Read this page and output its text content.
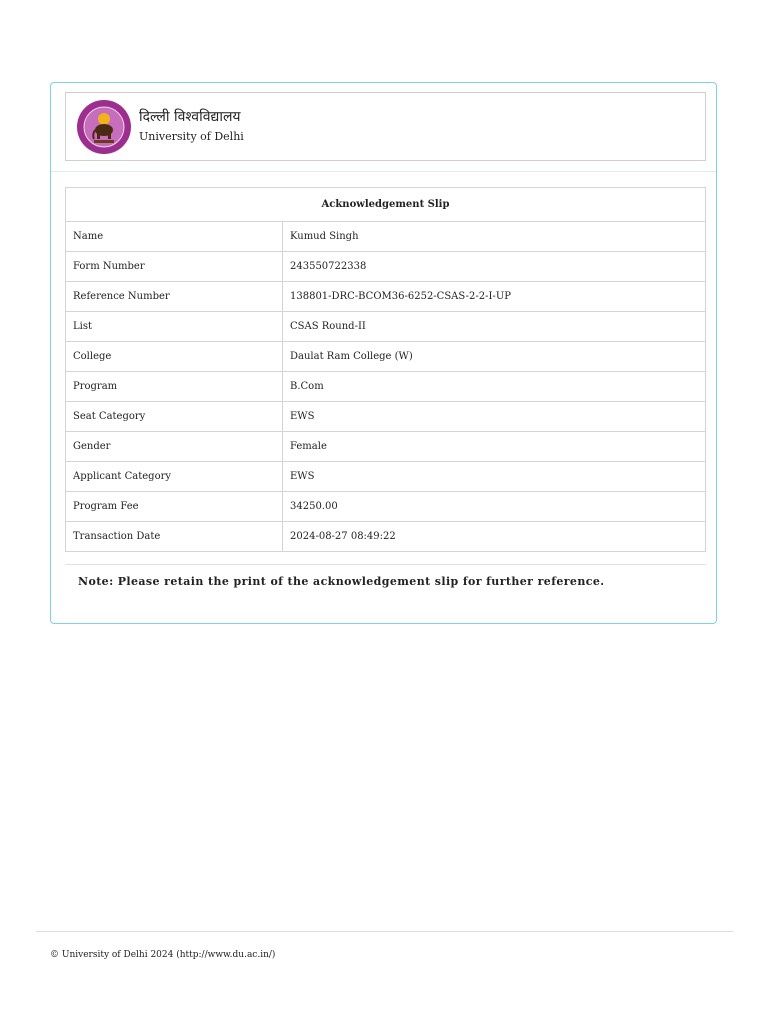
दिल्ली विश्वविद्यालय
University of Delhi
Acknowledgement Slip	
Name	Kumud Singh
Form Number	243550722338
Reference Number	138801-DRC-BCOM36-6252-CSAS-2-2-I-UP
List	CSAS Round-II
College	Daulat Ram College (W)
Program	B.Com
Seat Category	EWS
Gender	Female
Applicant Category	EWS
Program Fee	34250.00
Transaction Date	2024-08-27 08:49:22
Note: Please retain the print of the acknowledgement slip for further reference.
© University of Delhi 2024 (http://www.du.ac.in/)
